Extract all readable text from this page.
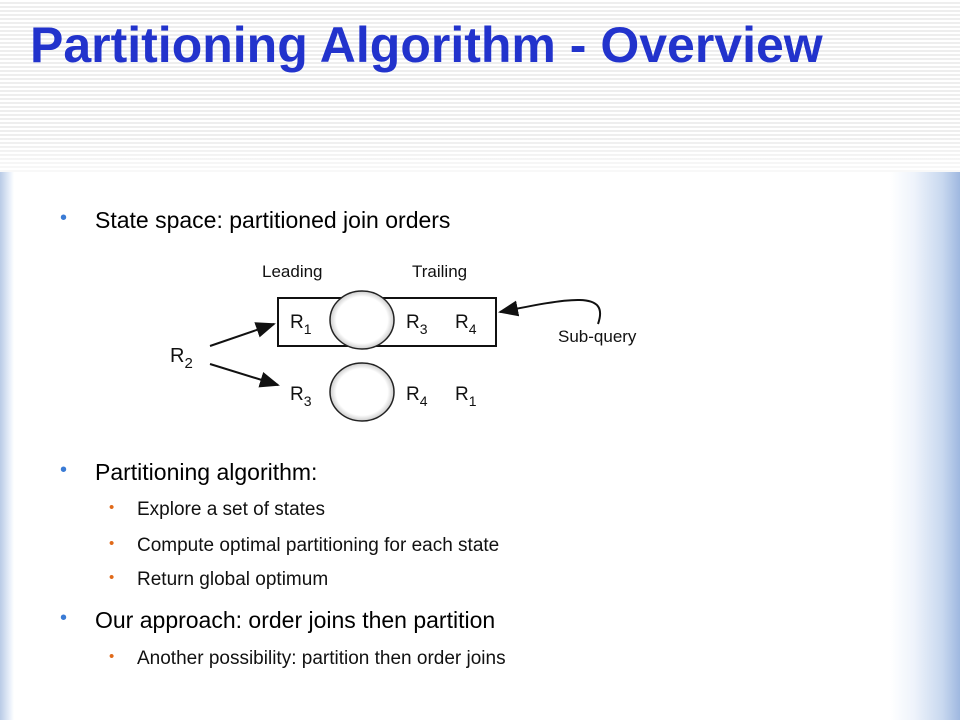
Partitioning Algorithm - Overview
• State space: partitioned join orders
Leading	Trailing
$R_1$	$R_3$ $R_4$
$R_2$
$R_3$	$R_4$ $R_1$
Sub-query
• Partitioning algorithm:
• Explore a set of states
• Compute optimal partitioning for each state
• Return global optimum
• Our approach: order joins then partition
• Another possibility: partition then order joins
